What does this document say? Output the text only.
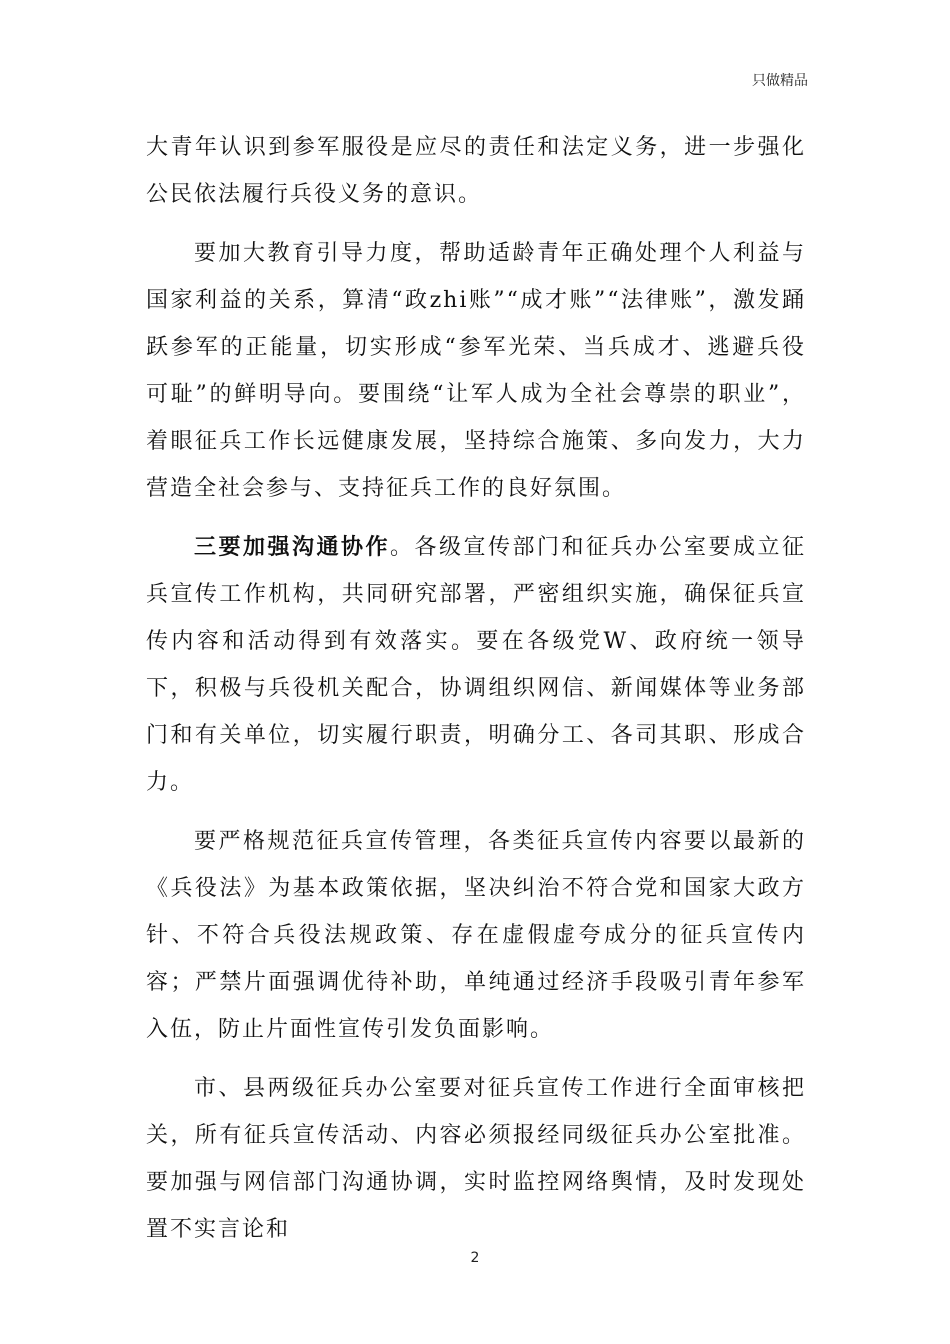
只做精品

大青年认识到参军服役是应尽的责任和法定义务，进一步强化公民依法履行兵役义务的意识。

要加大教育引导力度，帮助适龄青年正确处理个人利益与国家利益的关系，算清“政zhi账”“成才账”“法律账”，激发踊跃参军的正能量，切实形成“参军光荣、当兵成才、逃避兵役可耻”的鲜明导向。要围绕“让军人成为全社会尊崇的职业”，着眼征兵工作长远健康发展，坚持综合施策、多向发力，大力营造全社会参与、支持征兵工作的良好氛围。

三要加强沟通协作。各级宣传部门和征兵办公室要成立征兵宣传工作机构，共同研究部署，严密组织实施，确保征兵宣传内容和活动得到有效落实。要在各级党W、政府统一领导下，积极与兵役机关配合，协调组织网信、新闻媒体等业务部门和有关单位，切实履行职责，明确分工、各司其职、形成合力。

要严格规范征兵宣传管理，各类征兵宣传内容要以最新的《兵役法》为基本政策依据，坚决纠治不符合党和国家大政方针、不符合兵役法规政策、存在虚假虚夸成分的征兵宣传内容；严禁片面强调优待补助，单纯通过经济手段吸引青年参军入伍，防止片面性宣传引发负面影响。

市、县两级征兵办公室要对征兵宣传工作进行全面审核把关，所有征兵宣传活动、内容必须报经同级征兵办公室批准。要加强与网信部门沟通协调，实时监控网络舆情，及时发现处置不实言论和

2
